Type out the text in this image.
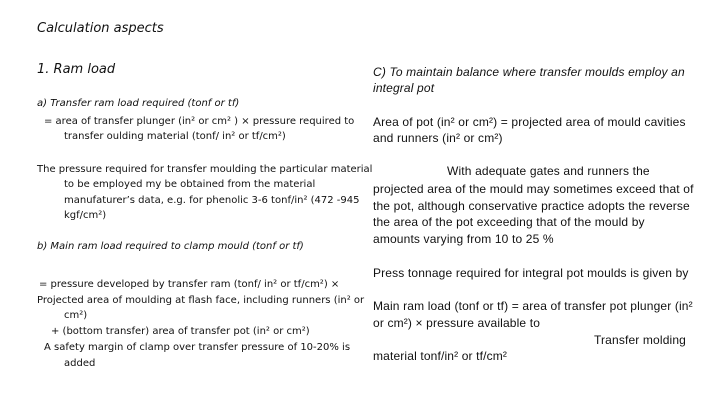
Calculation aspects

1. Ram load

a) Transfer ram load required (tonf or tf)

= area of transfer plunger (in² or cm² ) × pressure required to

transfer oulding material (tonf/ in² or tf/cm²)

The pressure required for transfer moulding the particular material

to be employed my be obtained from the material

manufaturer’s data, e.g. for phenolic 3-6 tonf/in² (472 -945

kgf/cm²)

b) Main ram load required to clamp mould (tonf or tf)

= pressure developed by transfer ram (tonf/ in² or tf/cm²) ×

Projected area of moulding at flash face, including runners (in² or

cm²)

+ (bottom transfer) area of transfer pot (in² or cm²)

A safety margin of clamp over transfer pressure of 10-20% is

added

C) To maintain balance where transfer moulds employ an

integral pot

Area of pot (in² or cm²) = projected area of mould cavities

and runners (in² or cm²)

With adequate gates and runners the

projected area of the mould may sometimes exceed that of

the pot, although conservative practice adopts the reverse

the area of the pot exceeding that of the mould by

amounts varying from 10 to 25 %

Press tonnage required for integral pot moulds is given by

Main ram load (tonf or tf) = area of transfer pot plunger (in²

or cm²) × pressure available to

Transfer molding

material tonf/in² or tf/cm²
